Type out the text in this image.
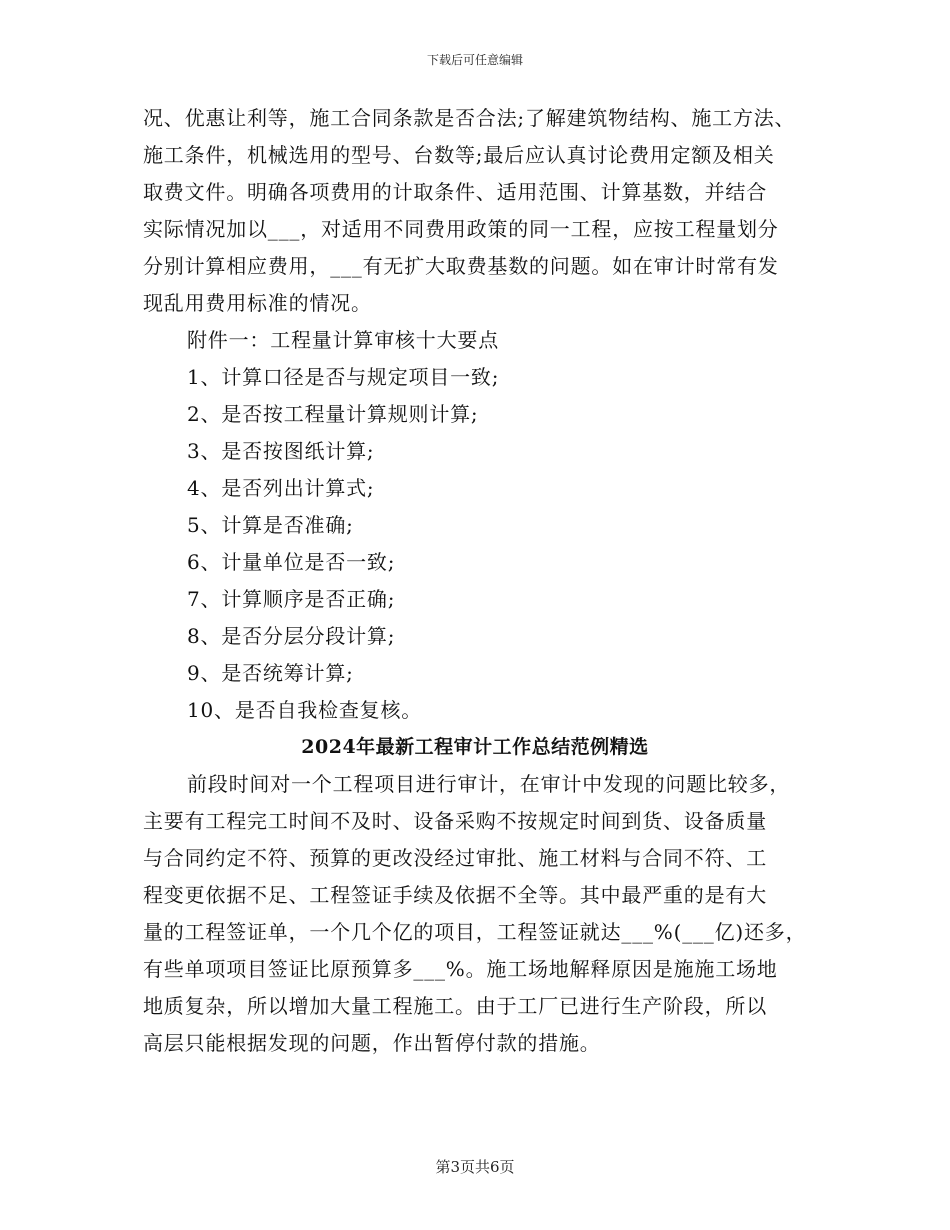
下载后可任意编辑
况、优惠让利等，施工合同条款是否合法;了解建筑物结构、施工方法、
施工条件，机械选用的型号、台数等;最后应认真讨论费用定额及相关
取费文件。明确各项费用的计取条件、适用范围、计算基数，并结合
实际情况加以___，对适用不同费用政策的同一工程，应按工程量划分
分别计算相应费用，___有无扩大取费基数的问题。如在审计时常有发
现乱用费用标准的情况。
附件一：工程量计算审核十大要点
1、计算口径是否与规定项目一致;
2、是否按工程量计算规则计算;
3、是否按图纸计算;
4、是否列出计算式;
5、计算是否准确;
6、计量单位是否一致;
7、计算顺序是否正确;
8、是否分层分段计算;
9、是否统筹计算;
10、是否自我检查复核。
2024年最新工程审计工作总结范例精选
前段时间对一个工程项目进行审计，在审计中发现的问题比较多，
主要有工程完工时间不及时、设备采购不按规定时间到货、设备质量
与合同约定不符、预算的更改没经过审批、施工材料与合同不符、工
程变更依据不足、工程签证手续及依据不全等。其中最严重的是有大
量的工程签证单，一个几个亿的项目，工程签证就达___%(___亿)还多，
有些单项项目签证比原预算多___%。施工场地解释原因是施施工场地
地质复杂，所以增加大量工程施工。由于工厂已进行生产阶段，所以
高层只能根据发现的问题，作出暂停付款的措施。
第3页共6页
